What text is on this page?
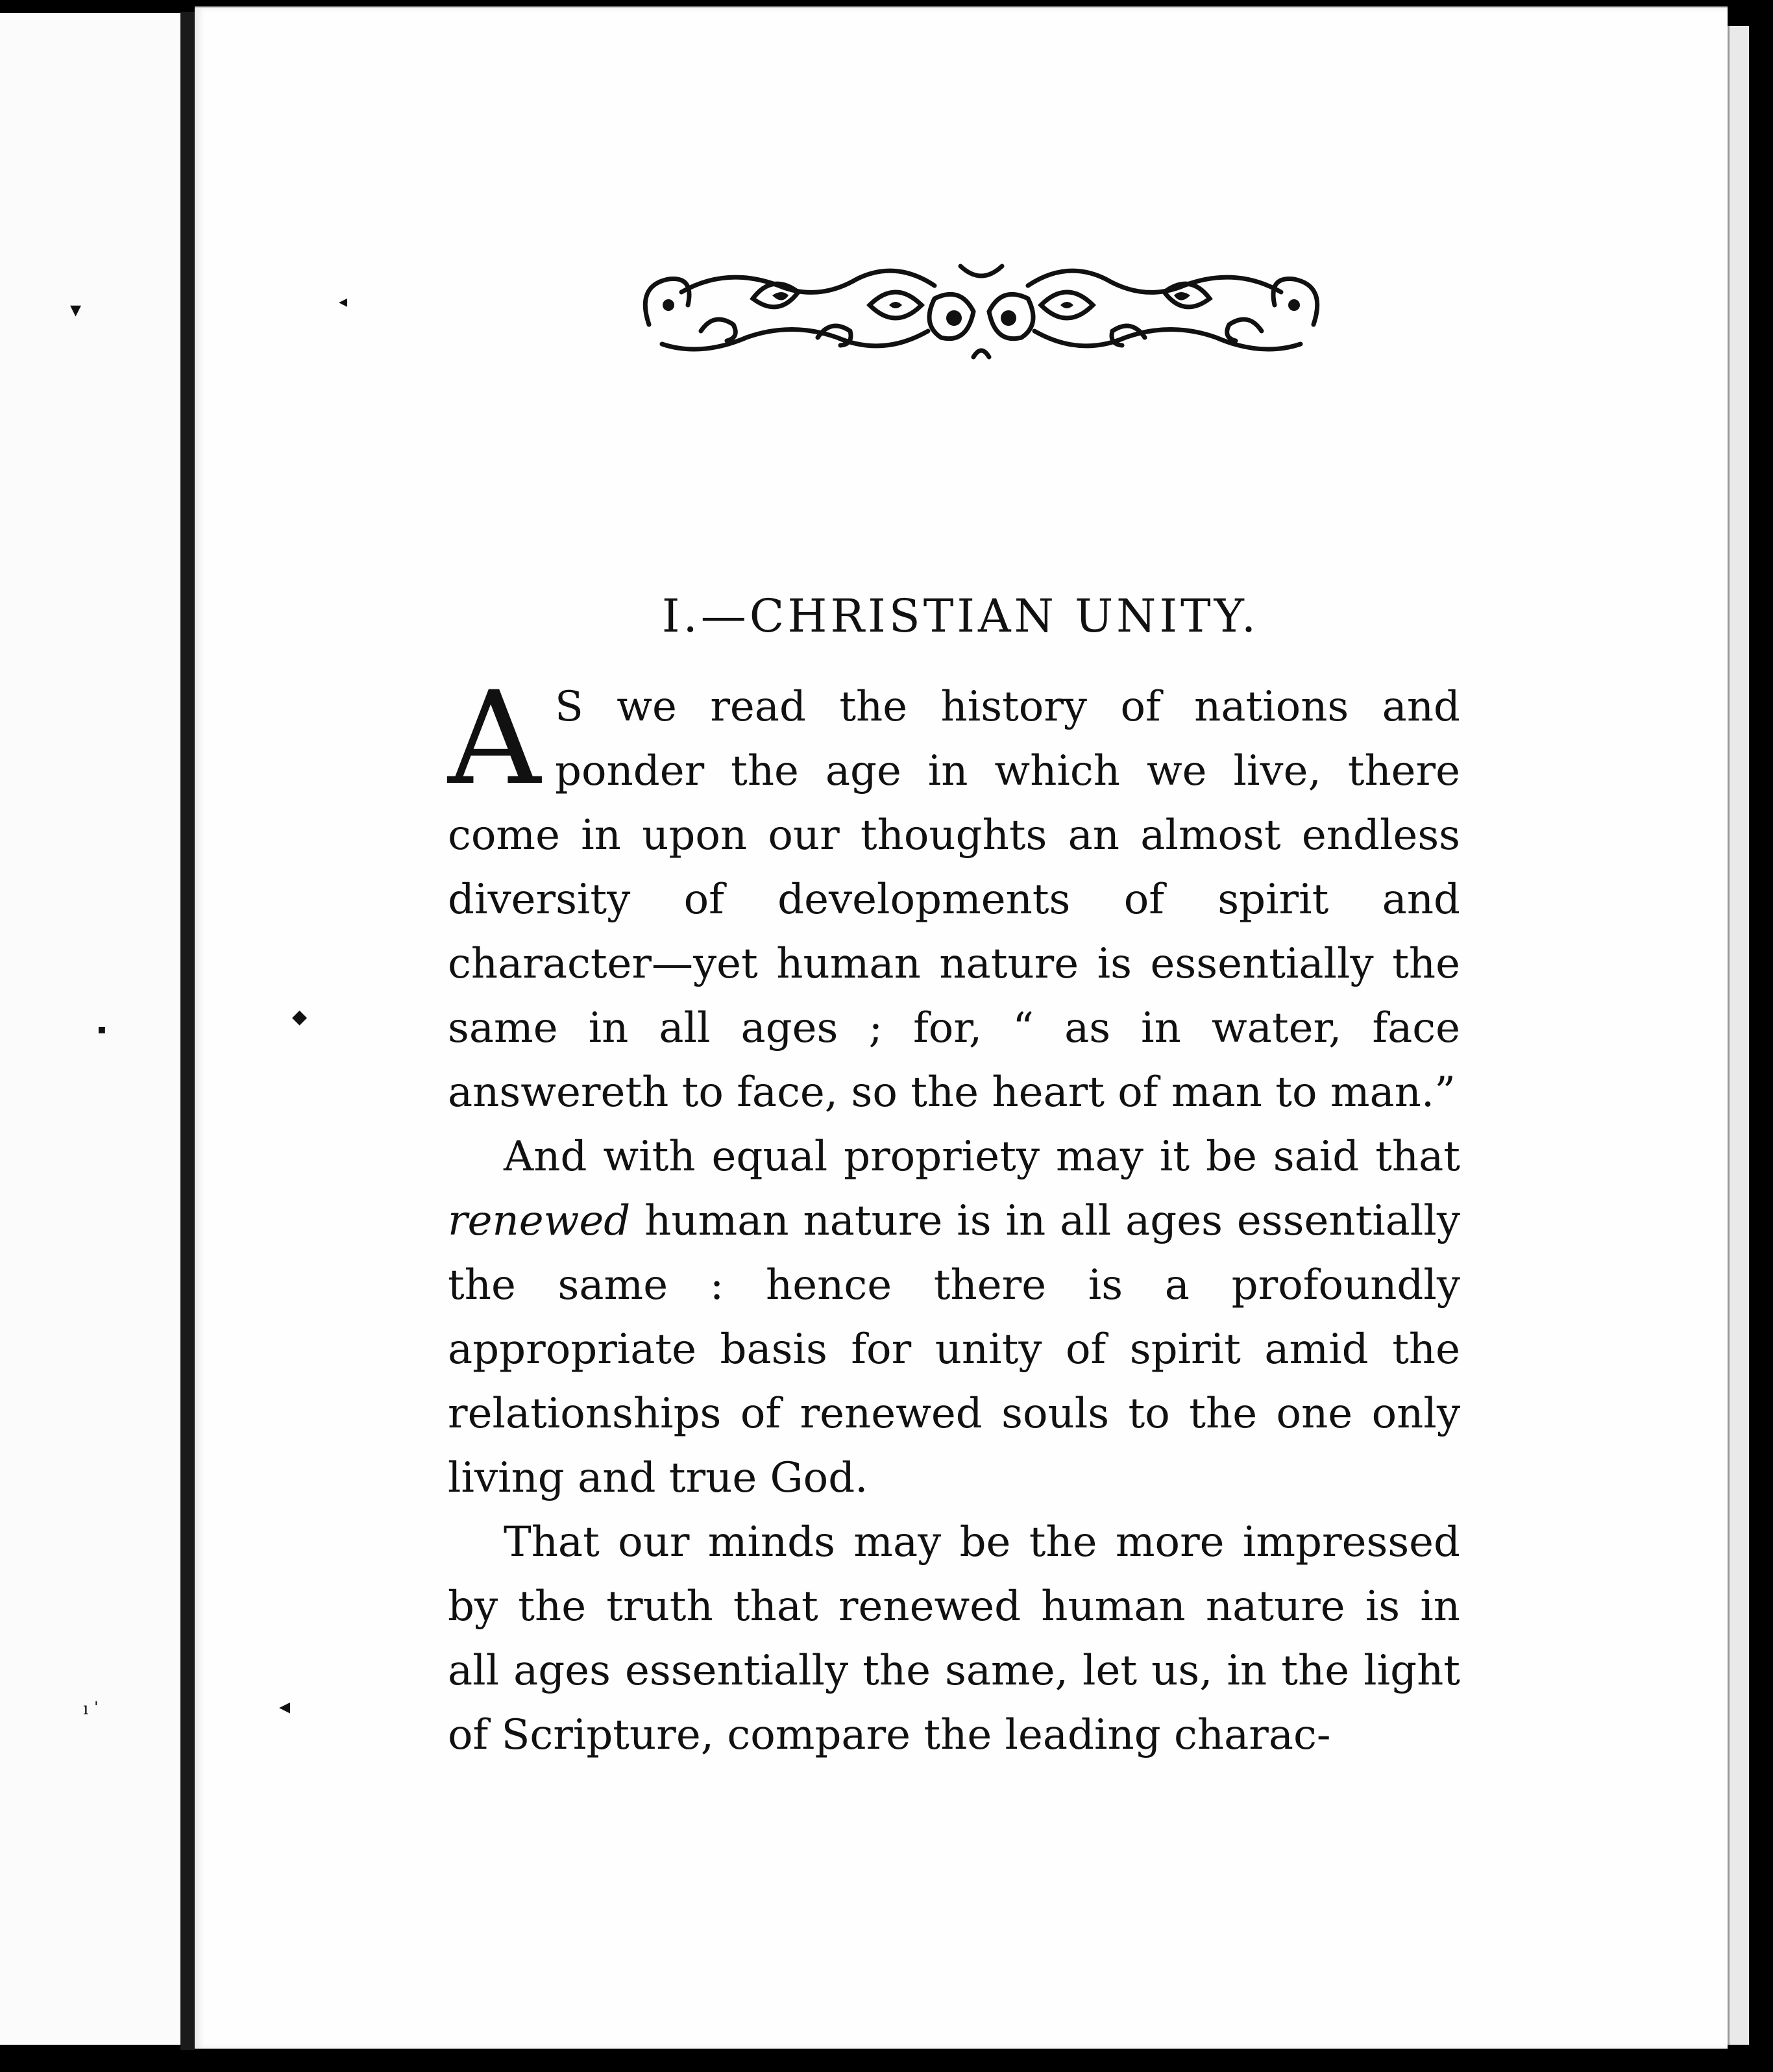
▾
▪
ı ˈ
◂
◆
◂
I.—CHRISTIAN UNITY.

A S we read the history of nations and ponder the age in which we live, there come in upon our thoughts an almost endless diversity of developments of spirit and character—yet human nature is essentially the same in all ages ; for, “ as in water, face answereth to face, so the heart of man to man.”

And with equal propriety may it be said that renewed human nature is in all ages essentially the same : hence there is a profoundly appropriate basis for unity of spirit amid the relationships of renewed souls to the one only living and true God.

That our minds may be the more impressed by the truth that renewed human nature is in all ages essentially the same, let us, in the light of Scripture, compare the leading charac-
